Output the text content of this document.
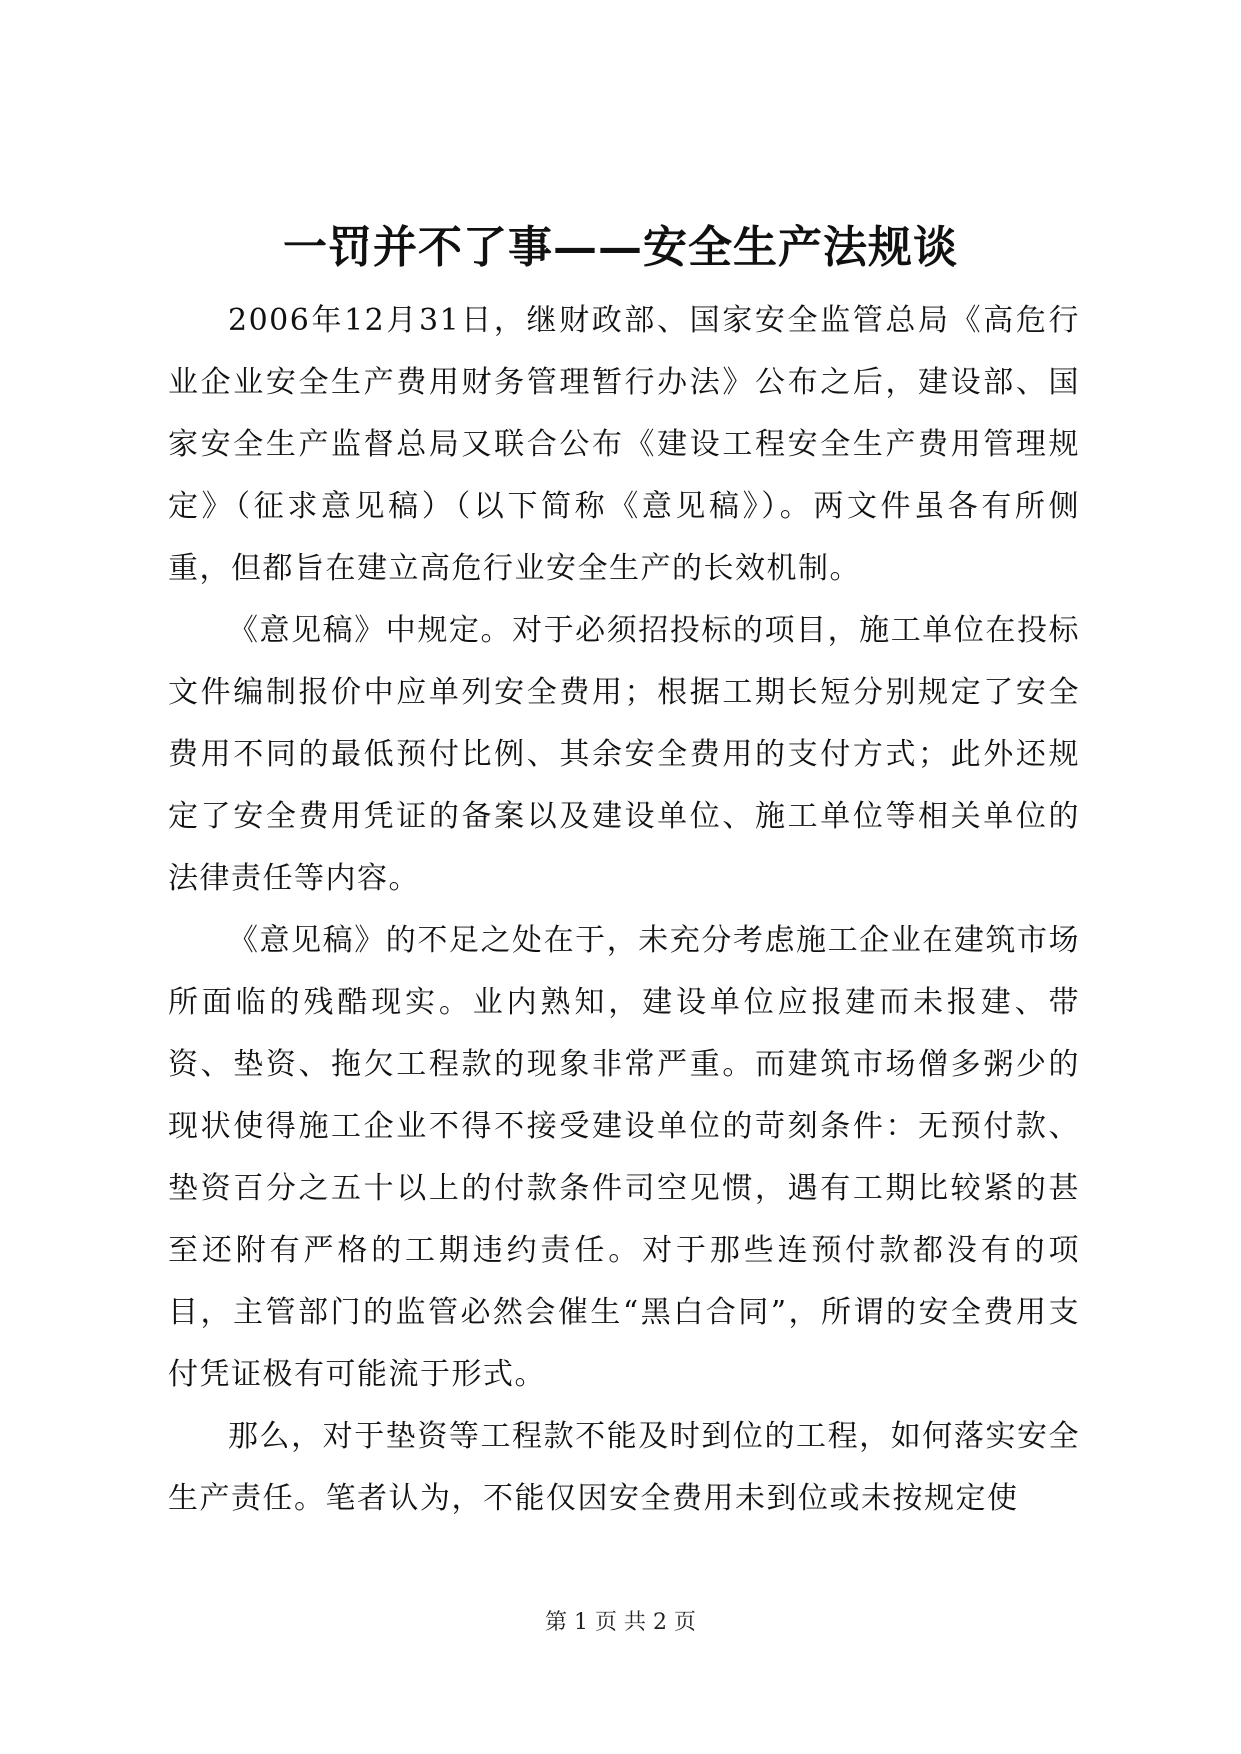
一罚并不了事——安全生产法规谈

2006年12月31日，继财政部、国家安全监管总局《高危行业企业安全生产费用财务管理暂行办法》公布之后，建设部、国家安全生产监督总局又联合公布《建设工程安全生产费用管理规定》（征求意见稿）（以下简称《意见稿》）。两文件虽各有所侧重，但都旨在建立高危行业安全生产的长效机制。

《意见稿》中规定。对于必须招投标的项目，施工单位在投标文件编制报价中应单列安全费用；根据工期长短分别规定了安全费用不同的最低预付比例、其余安全费用的支付方式；此外还规定了安全费用凭证的备案以及建设单位、施工单位等相关单位的法律责任等内容。

《意见稿》的不足之处在于，未充分考虑施工企业在建筑市场所面临的残酷现实。业内熟知，建设单位应报建而未报建、带资、垫资、拖欠工程款的现象非常严重。而建筑市场僧多粥少的现状使得施工企业不得不接受建设单位的苛刻条件：无预付款、垫资百分之五十以上的付款条件司空见惯，遇有工期比较紧的甚至还附有严格的工期违约责任。对于那些连预付款都没有的项目，主管部门的监管必然会催生“黑白合同”，所谓的安全费用支付凭证极有可能流于形式。

那么，对于垫资等工程款不能及时到位的工程，如何落实安全生产责任。笔者认为，不能仅因安全费用未到位或未按规定使

第 1 页 共 2 页
